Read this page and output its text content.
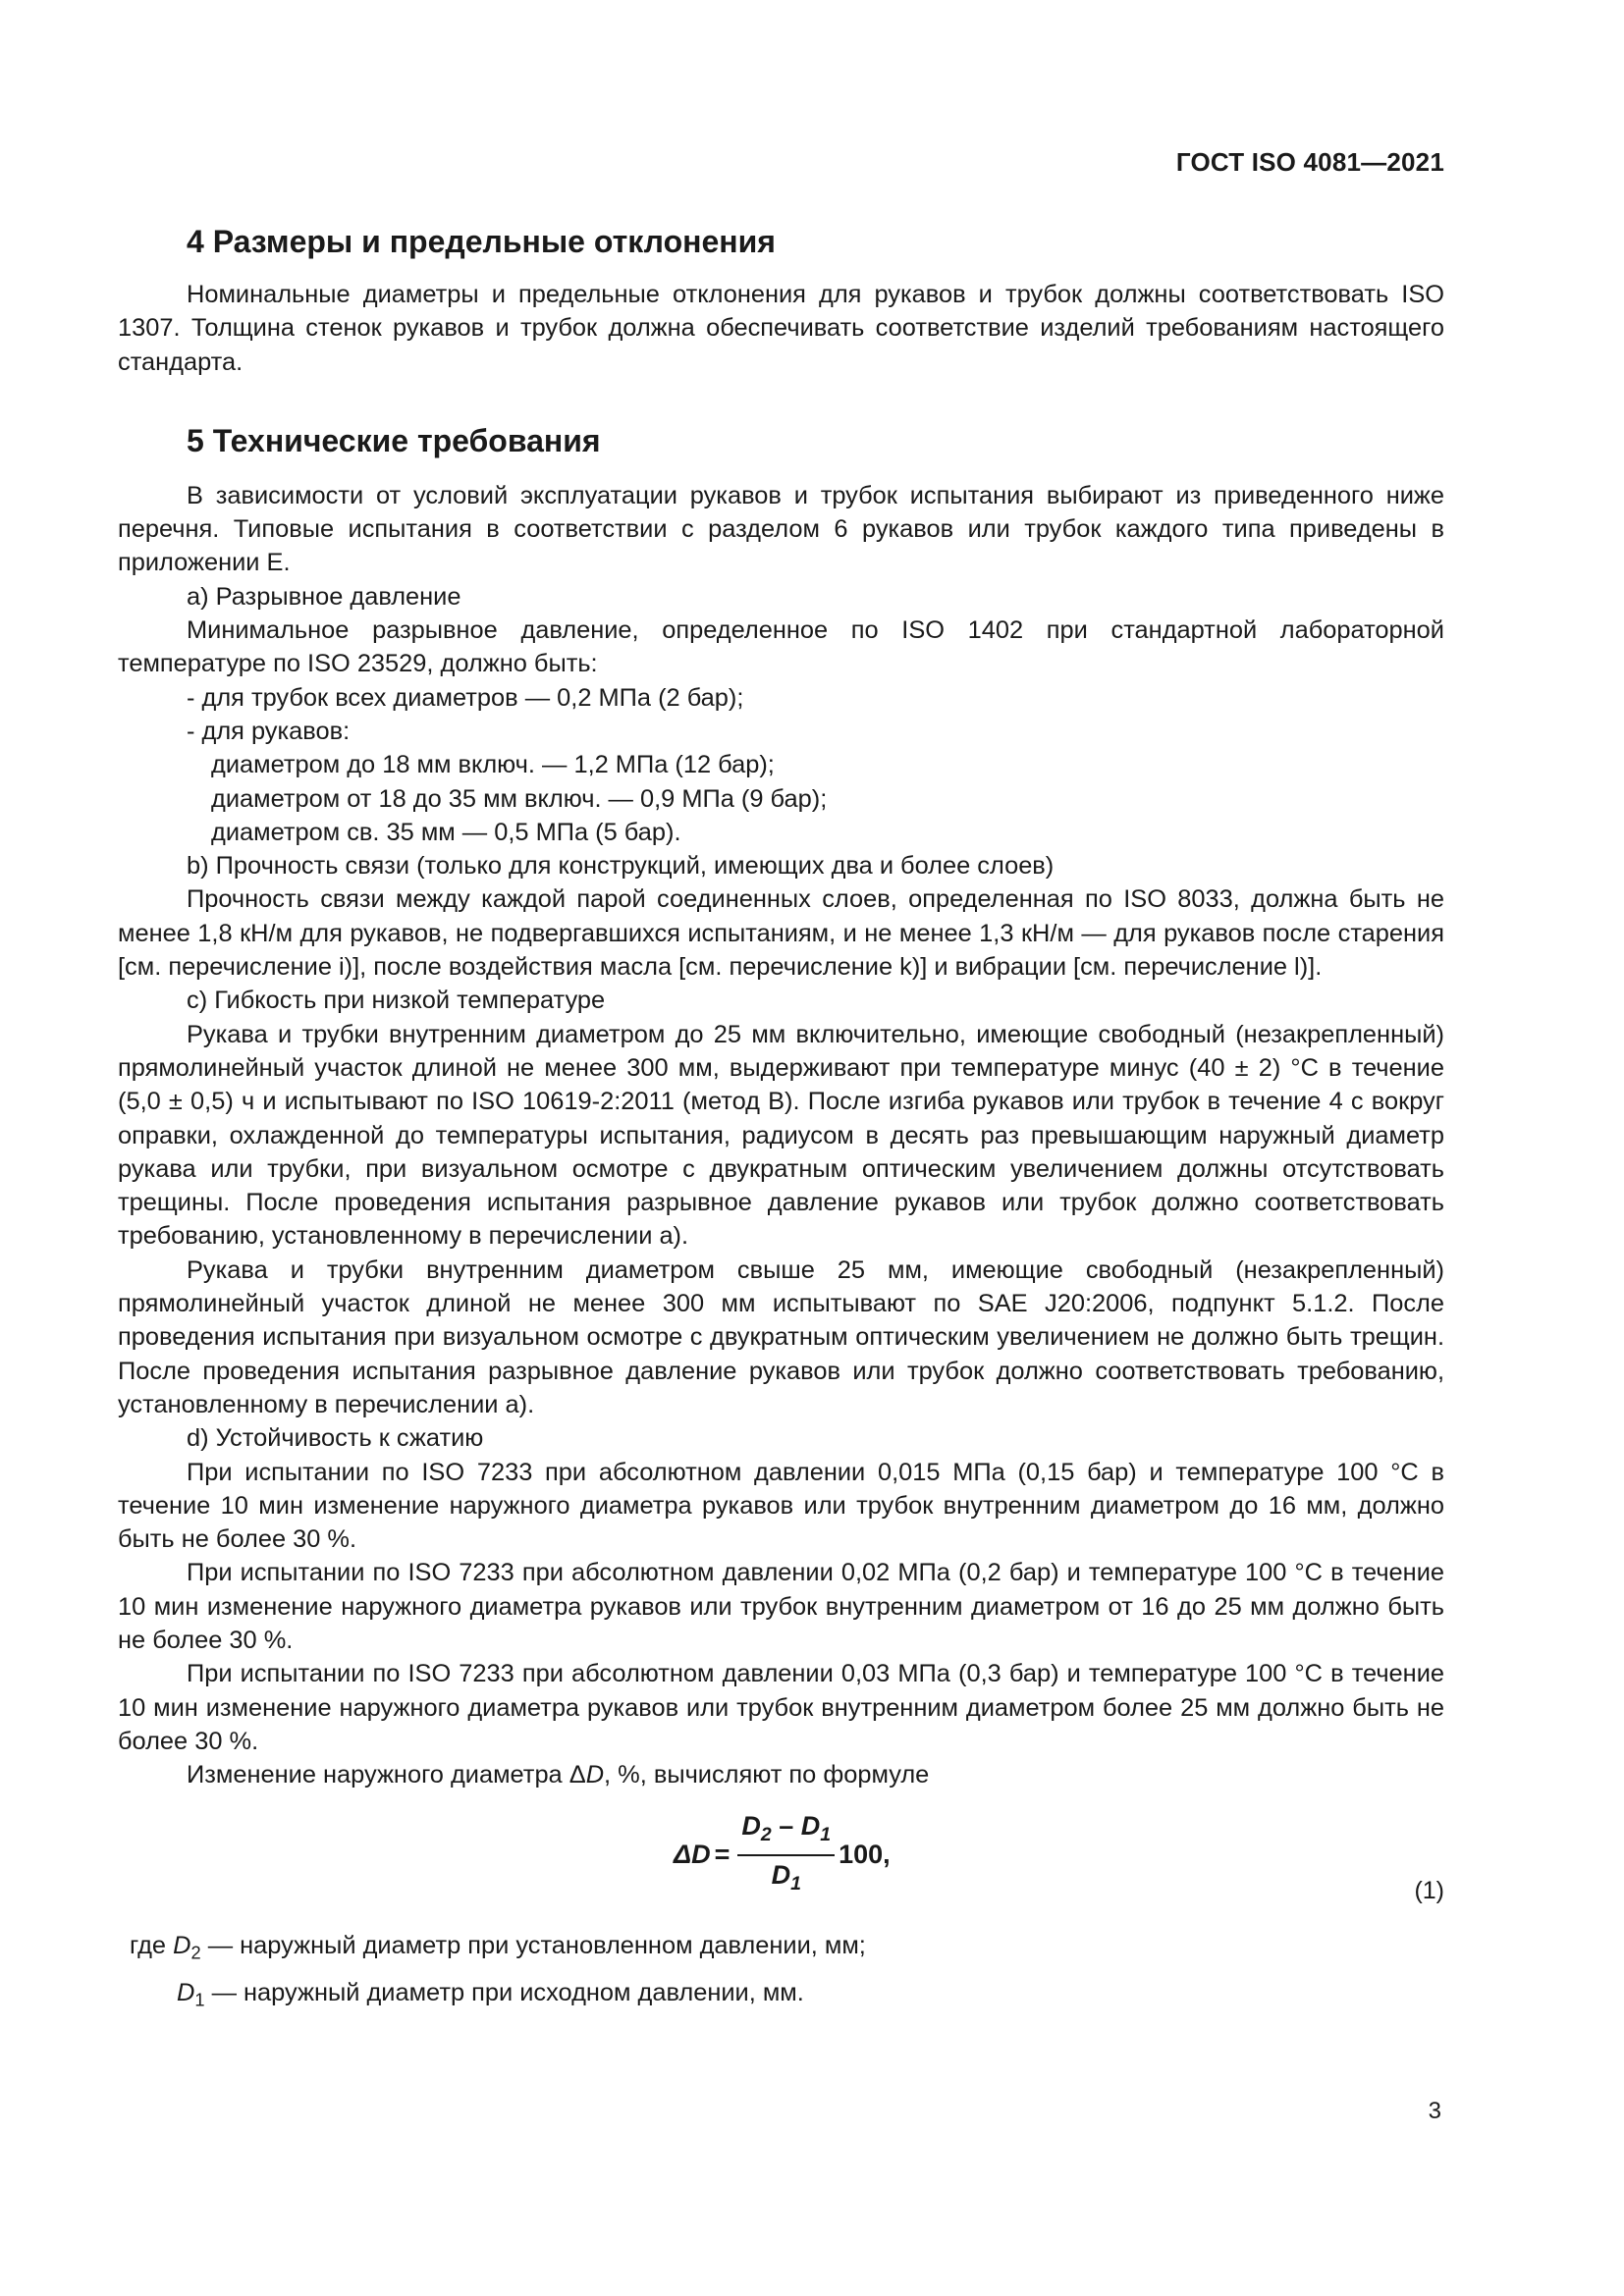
ГОСТ ISO 4081—2021
4 Размеры и предельные отклонения

Номинальные диаметры и предельные отклонения для рукавов и трубок должны соответствовать ISO 1307. Толщина стенок рукавов и трубок должна обеспечивать соответствие изделий требованиям настоящего стандарта.

5 Технические требования

В зависимости от условий эксплуатации рукавов и трубок испытания выбирают из приведенного ниже перечня. Типовые испытания в соответствии с разделом 6 рукавов или трубок каждого типа приведены в приложении Е.

a) Разрывное давление

Минимальное разрывное давление, определенное по ISO 1402 при стандартной лабораторной температуре по ISO 23529, должно быть:

- для трубок всех диаметров — 0,2 МПа (2 бар);

- для рукавов:

диаметром до 18 мм включ. — 1,2 МПа (12 бар);

диаметром от 18 до 35 мм включ. — 0,9 МПа (9 бар);

диаметром св. 35 мм — 0,5 МПа (5 бар).

b) Прочность связи (только для конструкций, имеющих два и более слоев)

Прочность связи между каждой парой соединенных слоев, определенная по ISO 8033, должна быть не менее 1,8 кН/м для рукавов, не подвергавшихся испытаниям, и не менее 1,3 кН/м — для рукавов после старения [см. перечисление i)], после воздействия масла [см. перечисление k)] и вибрации [см. перечисление l)].

c) Гибкость при низкой температуре

Рукава и трубки внутренним диаметром до 25 мм включительно, имеющие свободный (незакрепленный) прямолинейный участок длиной не менее 300 мм, выдерживают при температуре минус (40 ± 2) °С в течение (5,0 ± 0,5) ч и испытывают по ISO 10619-2:2011 (метод В). После изгиба рукавов или трубок в течение 4 с вокруг оправки, охлажденной до температуры испытания, радиусом в десять раз превышающим наружный диаметр рукава или трубки, при визуальном осмотре с двукратным оптическим увеличением должны отсутствовать трещины. После проведения испытания разрывное давление рукавов или трубок должно соответствовать требованию, установленному в перечислении а).

Рукава и трубки внутренним диаметром свыше 25 мм, имеющие свободный (незакрепленный) прямолинейный участок длиной не менее 300 мм испытывают по SAE J20:2006, подпункт 5.1.2. После проведения испытания при визуальном осмотре с двукратным оптическим увеличением не должно быть трещин. После проведения испытания разрывное давление рукавов или трубок должно соответствовать требованию, установленному в перечислении а).

d) Устойчивость к сжатию

При испытании по ISO 7233 при абсолютном давлении 0,015 МПа (0,15 бар) и температуре 100 °С в течение 10 мин изменение наружного диаметра рукавов или трубок внутренним диаметром до 16 мм, должно быть не более 30 %.

При испытании по ISO 7233 при абсолютном давлении 0,02 МПа (0,2 бар) и температуре 100 °С в течение 10 мин изменение наружного диаметра рукавов или трубок внутренним диаметром от 16 до 25 мм должно быть не более 30 %.

При испытании по ISO 7233 при абсолютном давлении 0,03 МПа (0,3 бар) и температуре 100 °С в течение 10 мин изменение наружного диаметра рукавов или трубок внутренним диаметром более 25 мм должно быть не более 30 %.

Изменение наружного диаметра ΔD, %, вычисляют по формуле

$\Delta D = \frac{D_2 - D_1}{D_1} 100$,
(1)

где $D_2$ — наружный диаметр при установленном давлении, мм;

$D_1$ — наружный диаметр при исходном давлении, мм.

3
